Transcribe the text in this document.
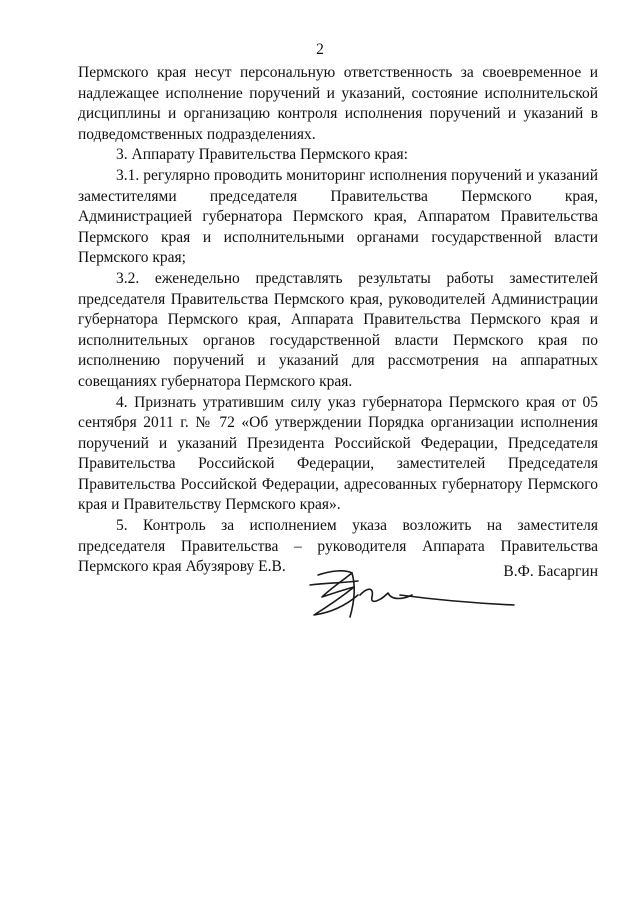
2

Пермского края несут персональную ответственность за своевременное и надлежащее исполнение поручений и указаний, состояние исполнительской дисциплины и организацию контроля исполнения поручений и указаний в подведомственных подразделениях.

3. Аппарату Правительства Пермского края:

3.1. регулярно проводить мониторинг исполнения поручений и указаний заместителями председателя Правительства Пермского края, Администрацией губернатора Пермского края, Аппаратом Правительства Пермского края и исполнительными органами государственной власти Пермского края;

3.2. еженедельно представлять результаты работы заместителей председателя Правительства Пермского края, руководителей Администрации губернатора Пермского края, Аппарата Правительства Пермского края и исполнительных органов государственной власти Пермского края по исполнению поручений и указаний для рассмотрения на аппаратных совещаниях губернатора Пермского края.

4. Признать утратившим силу указ губернатора Пермского края от 05 сентября 2011 г. № 72 «Об утверждении Порядка организации исполнения поручений и указаний Президента Российской Федерации, Председателя Правительства Российской Федерации, заместителей Председателя Правительства Российской Федерации, адресованных губернатору Пермского края и Правительству Пермского края».

5. Контроль за исполнением указа возложить на заместителя председателя Правительства – руководителя Аппарата Правительства Пермского края Абузярову Е.В.	В.Ф. Басаргин
